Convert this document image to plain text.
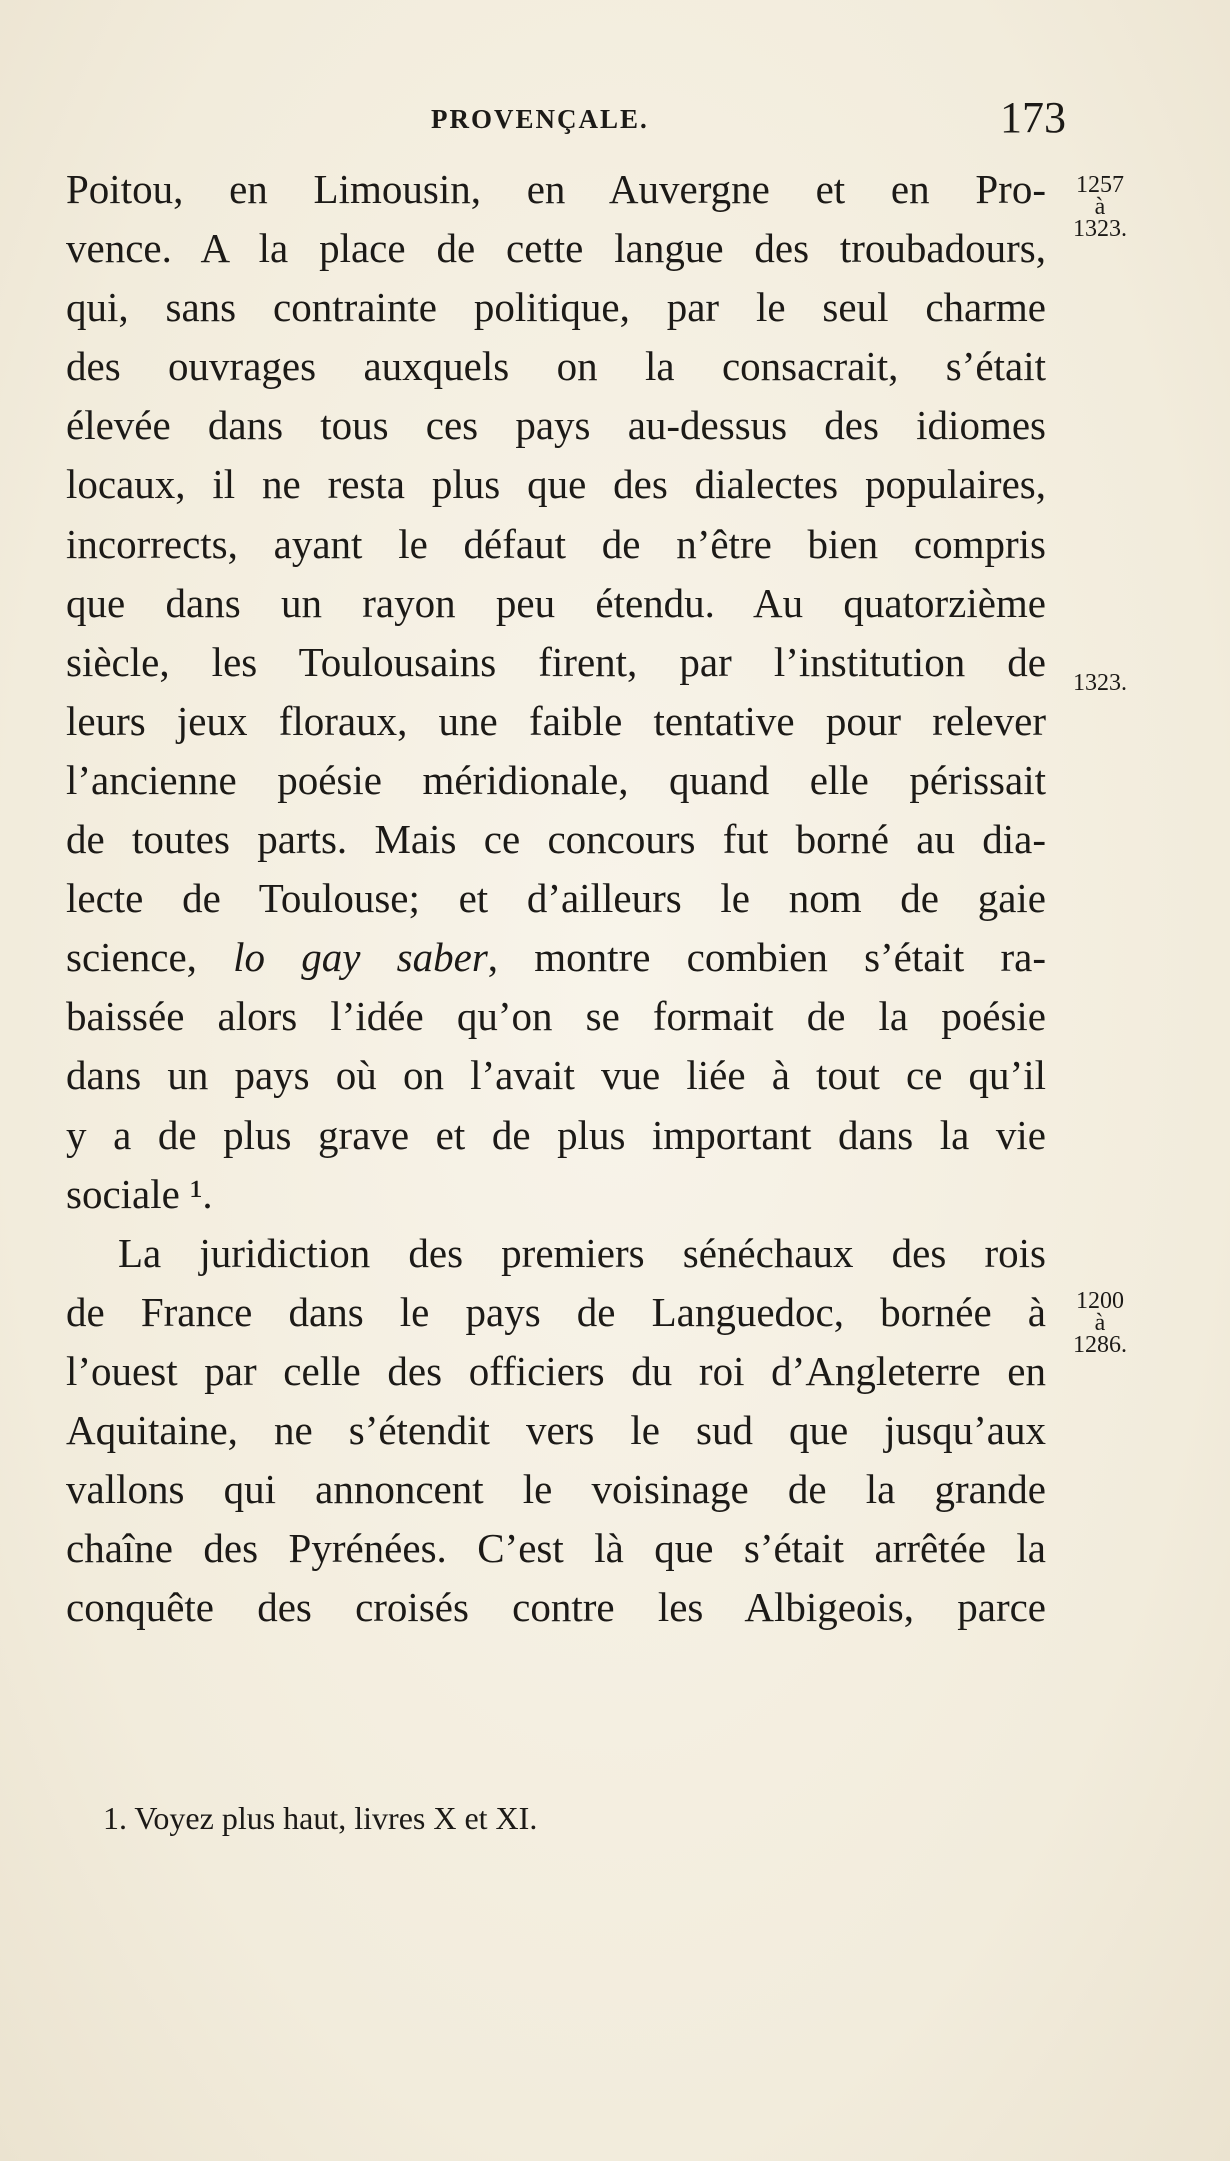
PROVENÇALE.	173
Poitou, en Limousin, en Auvergne et en Pro-
vence. A la place de cette langue des troubadours,
qui, sans contrainte politique, par le seul charme
des ouvrages auxquels on la consacrait, s’était
élevée dans tous ces pays au-dessus des idiomes
locaux, il ne resta plus que des dialectes populaires,
incorrects, ayant le défaut de n’être bien compris
que dans un rayon peu étendu. Au quatorzième
siècle, les Toulousains firent, par l’institution de
leurs jeux floraux, une faible tentative pour relever
l’ancienne poésie méridionale, quand elle périssait
de toutes parts. Mais ce concours fut borné au dia-
lecte de Toulouse; et d’ailleurs le nom de gaie
science, lo gay saber, montre combien s’était ra-
baissée alors l’idée qu’on se formait de la poésie
dans un pays où on l’avait vue liée à tout ce qu’il
y a de plus grave et de plus important dans la vie
sociale ¹.
La juridiction des premiers sénéchaux des rois
de France dans le pays de Languedoc, bornée à
l’ouest par celle des officiers du roi d’Angleterre en
Aquitaine, ne s’étendit vers le sud que jusqu’aux
vallons qui annoncent le voisinage de la grande
chaîne des Pyrénées. C’est là que s’était arrêtée la
conquête des croisés contre les Albigeois, parce
1257
à
1323.
1323.
1200
à
1286.
1. Voyez plus haut, livres X et XI.
